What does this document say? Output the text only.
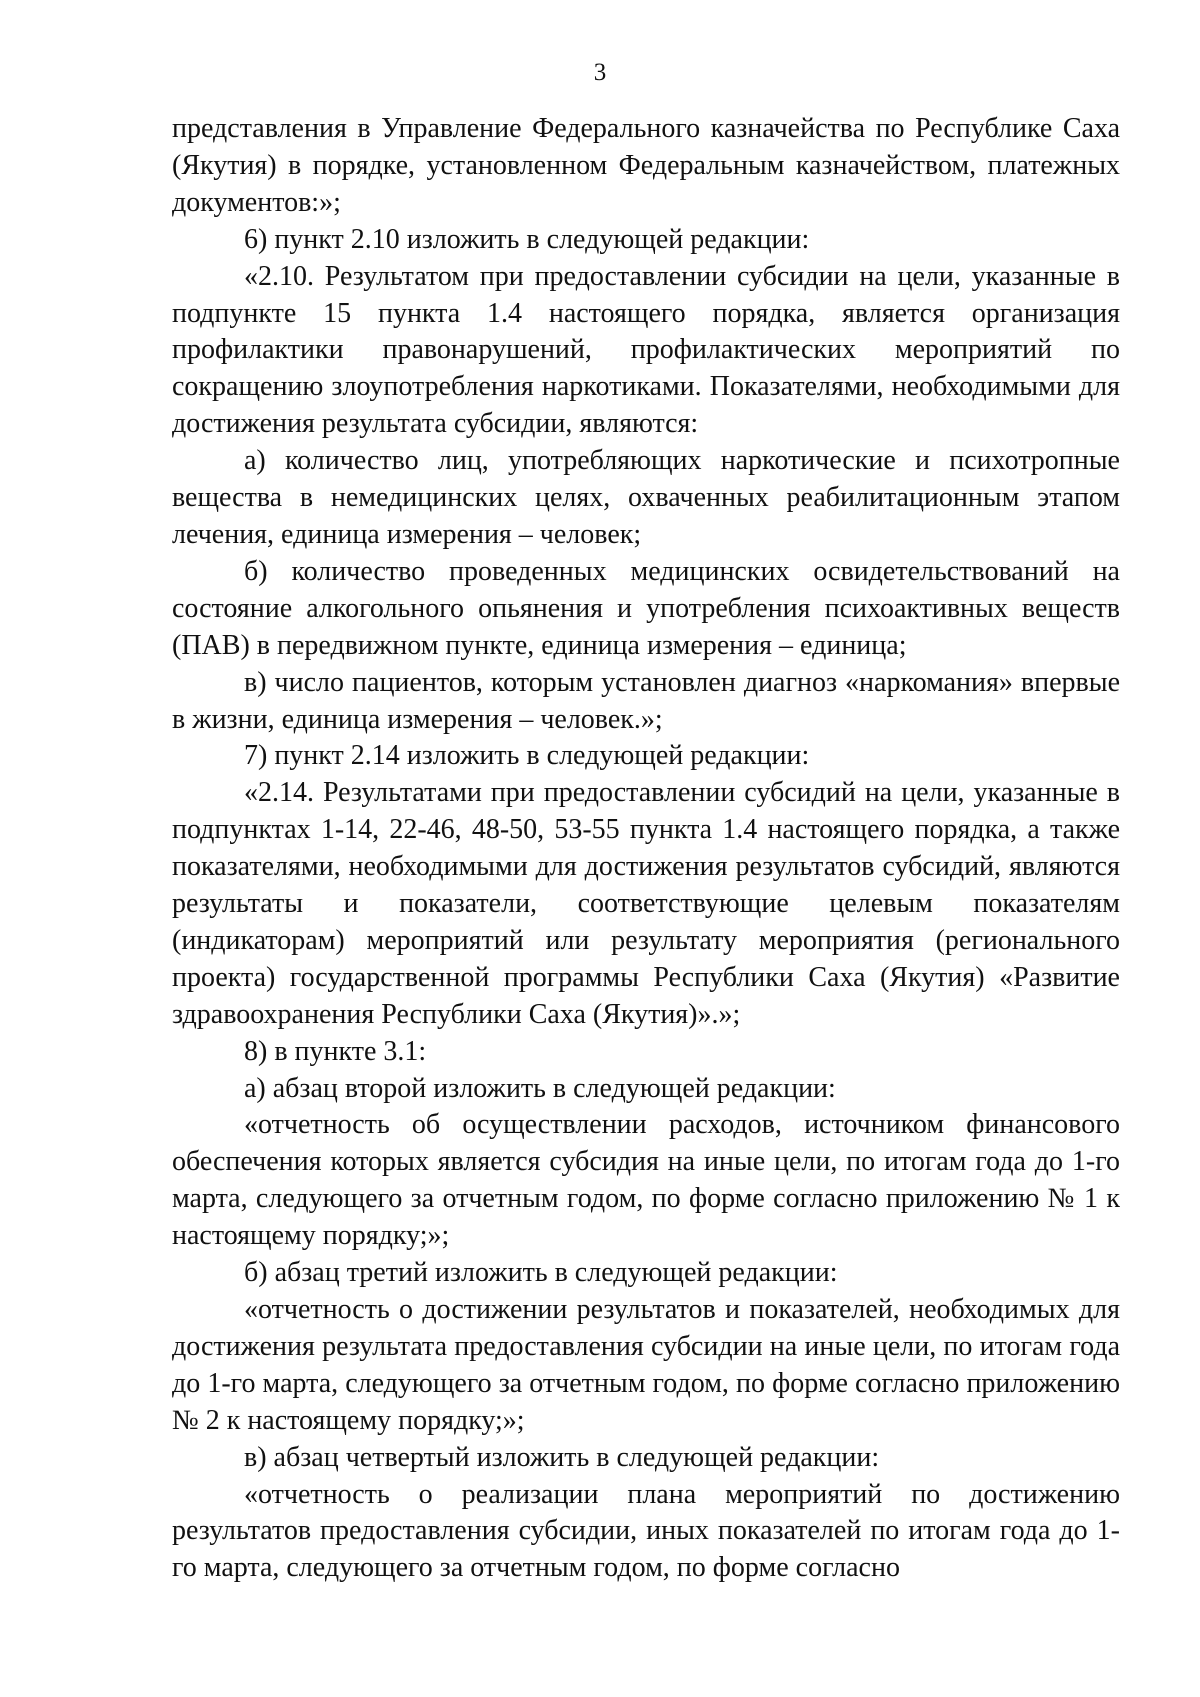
3

представления в Управление Федерального казначейства по Республике Саха (Якутия) в порядке, установленном Федеральным казначейством, платежных документов:»;

6) пункт 2.10 изложить в следующей редакции:

«2.10. Результатом при предоставлении субсидии на цели, указанные в подпункте 15 пункта 1.4 настоящего порядка, является организация профилактики правонарушений, профилактических мероприятий по сокращению злоупотребления наркотиками. Показателями, необходимыми для достижения результата субсидии, являются:

а) количество лиц, употребляющих наркотические и психотропные вещества в немедицинских целях, охваченных реабилитационным этапом лечения, единица измерения – человек;

б) количество проведенных медицинских освидетельствований на состояние алкогольного опьянения и употребления психоактивных веществ (ПАВ) в передвижном пункте, единица измерения – единица;

в) число пациентов, которым установлен диагноз «наркомания» впервые в жизни, единица измерения – человек.»;

7) пункт 2.14 изложить в следующей редакции:

«2.14. Результатами при предоставлении субсидий на цели, указанные в подпунктах 1-14, 22-46, 48-50, 53-55 пункта 1.4 настоящего порядка, а также показателями, необходимыми для достижения результатов субсидий, являются результаты и показатели, соответствующие целевым показателям (индикаторам) мероприятий или результату мероприятия (регионального проекта) государственной программы Республики Саха (Якутия) «Развитие здравоохранения Республики Саха (Якутия)».»;

8) в пункте 3.1:

а) абзац второй изложить в следующей редакции:

«отчетность об осуществлении расходов, источником финансового обеспечения которых является субсидия на иные цели, по итогам года до 1-го марта, следующего за отчетным годом, по форме согласно приложению № 1 к настоящему порядку;»;

б) абзац третий изложить в следующей редакции:

«отчетность о достижении результатов и показателей, необходимых для достижения результата предоставления субсидии на иные цели, по итогам года до 1-го марта, следующего за отчетным годом, по форме согласно приложению № 2 к настоящему порядку;»;

в) абзац четвертый изложить в следующей редакции:

«отчетность о реализации плана мероприятий по достижению результатов предоставления субсидии, иных показателей по итогам года до 1-го марта, следующего за отчетным годом, по форме согласно
